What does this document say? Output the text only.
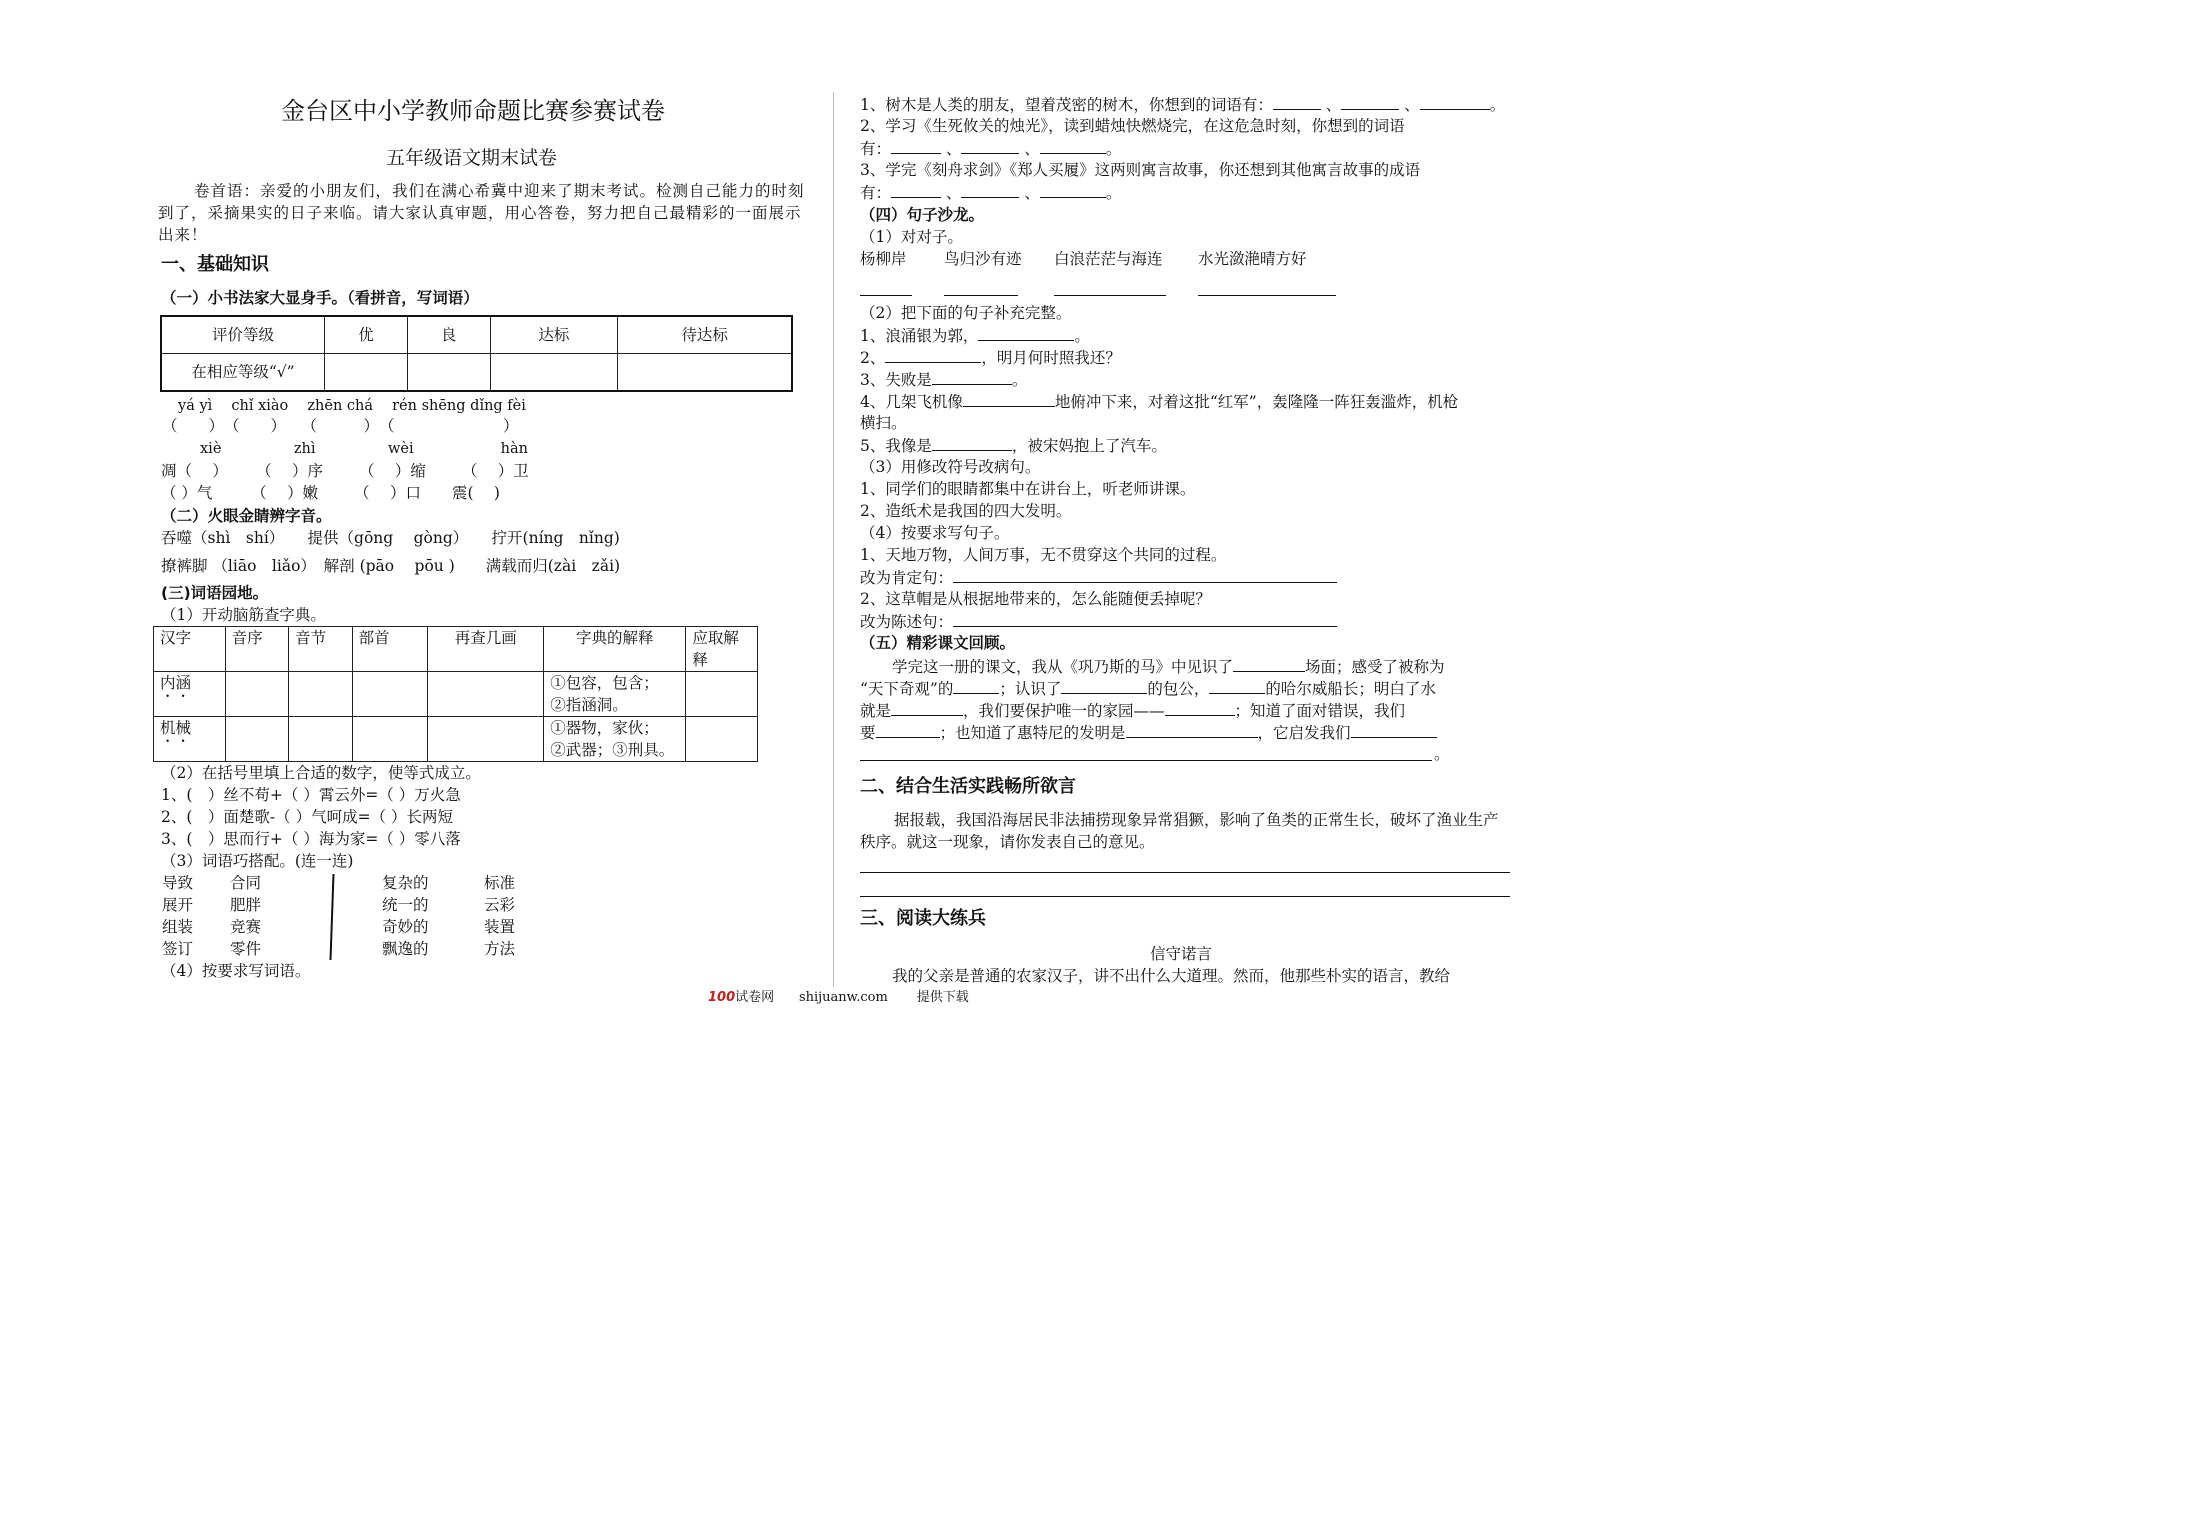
金台区中小学教师命题比赛参赛试卷
五年级语文期末试卷
卷首语：亲爱的小朋友们，我们在满心希冀中迎来了期末考试。检测自己能力的时刻到了，采摘果实的日子来临。请大家认真审题，用心答卷，努力把自己最精彩的一面展示出来！
一、基础知识
（一）小书法家大显身手。（看拼音，写词语）
评价等级	优	良	达标	待达标
在相应等级“√”				
yá yì　 chǐ xiào　 zhēn chá　 rén shēng dǐng fèi
（　　）　（　　）　　（　　　）　（　　　　　　　）
xiè　　　　　zhì　　　　　wèi　　　　　　hàn
凋（　 ）　　 （　 ）序　　 （　 ）缩　　 （　 ）卫
（ ）气　　　（　 ）嫩　　 （　 ）口　　震(　 )
（二）火眼金睛辨字音。
吞噬（shì　shí）　　提供（gōng　 gòng）　　拧开(níng　nǐng)
撩裤脚 （liāo　liǎo）　解剖 (pāo　 pōu )　　满载而归(zài　zǎi)
(三)词语园地。
（1）开动脑筋查字典。
汉字	音序	音节	部首	再查几画	字典的解释	应取解释
内涵					①包容，包含；
②指涵洞。	

机械					①器物，家伙；
②武器；③刑具。	

（2）在括号里填上合适的数字，使等式成立。
1、(　）丝不苟+（ ）霄云外=（ ）万火急
2、(　）面楚歌-（ ）气呵成=（ ）长两短
3、(　）思而行+（ ）海为家=（ ）零八落
（3）词语巧搭配。(连一连)
导致 合同
展开 肥胖
组装 竞赛
签订 零件
复杂的	标准
统一的	云彩
奇妙的	装置
飘逸的	方法
（4）按要求写词语。
1、树木是人类的朋友，望着茂密的树木，你想到的词语有：	、	、	。
2、学习《生死攸关的烛光》，读到蜡烛快燃烧完，在这危急时刻，你想到的词语
有：	、	、	。
3、学完《刻舟求剑》《郑人买履》这两则寓言故事，你还想到其他寓言故事的成语
有：	、	、	。
（四）句子沙龙。
（1）对对子。
杨柳岸 鸟归沙有迹 白浪茫茫与海连 水光潋滟晴方好
（2）把下面的句子补充完整。
1、浪涌银为郭，	。
2、	，明月何时照我还？
3、失败是	。
4、几架飞机像	地俯冲下来，对着这批“红军”，轰隆隆一阵狂轰滥炸，机枪
横扫。
5、我像是	，被宋妈抱上了汽车。
（3）用修改符号改病句。
1、同学们的眼睛都集中在讲台上，听老师讲课。
2、造纸术是我国的四大发明。
（4）按要求写句子。
1、天地万物，人间万事，无不贯穿这个共同的过程。
改为肯定句：
2、这草帽是从根据地带来的，怎么能随便丢掉呢？
改为陈述句：
（五）精彩课文回顾。
学完这一册的课文，我从《巩乃斯的马》中见识了	场面；感受了被称为
“天下奇观”的	；认识了	的包公，	的哈尔威船长；明白了水
就是	，我们要保护唯一的家园——	；知道了面对错误，我们
要	；也知道了惠特尼的发明是	，它启发我们
。
二、结合生活实践畅所欲言
据报载，我国沿海居民非法捕捞现象异常猖獗，影响了鱼类的正常生长，破坏了渔业生产秩序。就这一现象，请你发表自己的意见。
三、阅读大练兵
信守诺言
我的父亲是普通的农家汉子，讲不出什么大道理。然而，他那些朴实的语言，教给
100试卷网 shijuanw.com 提供下载
